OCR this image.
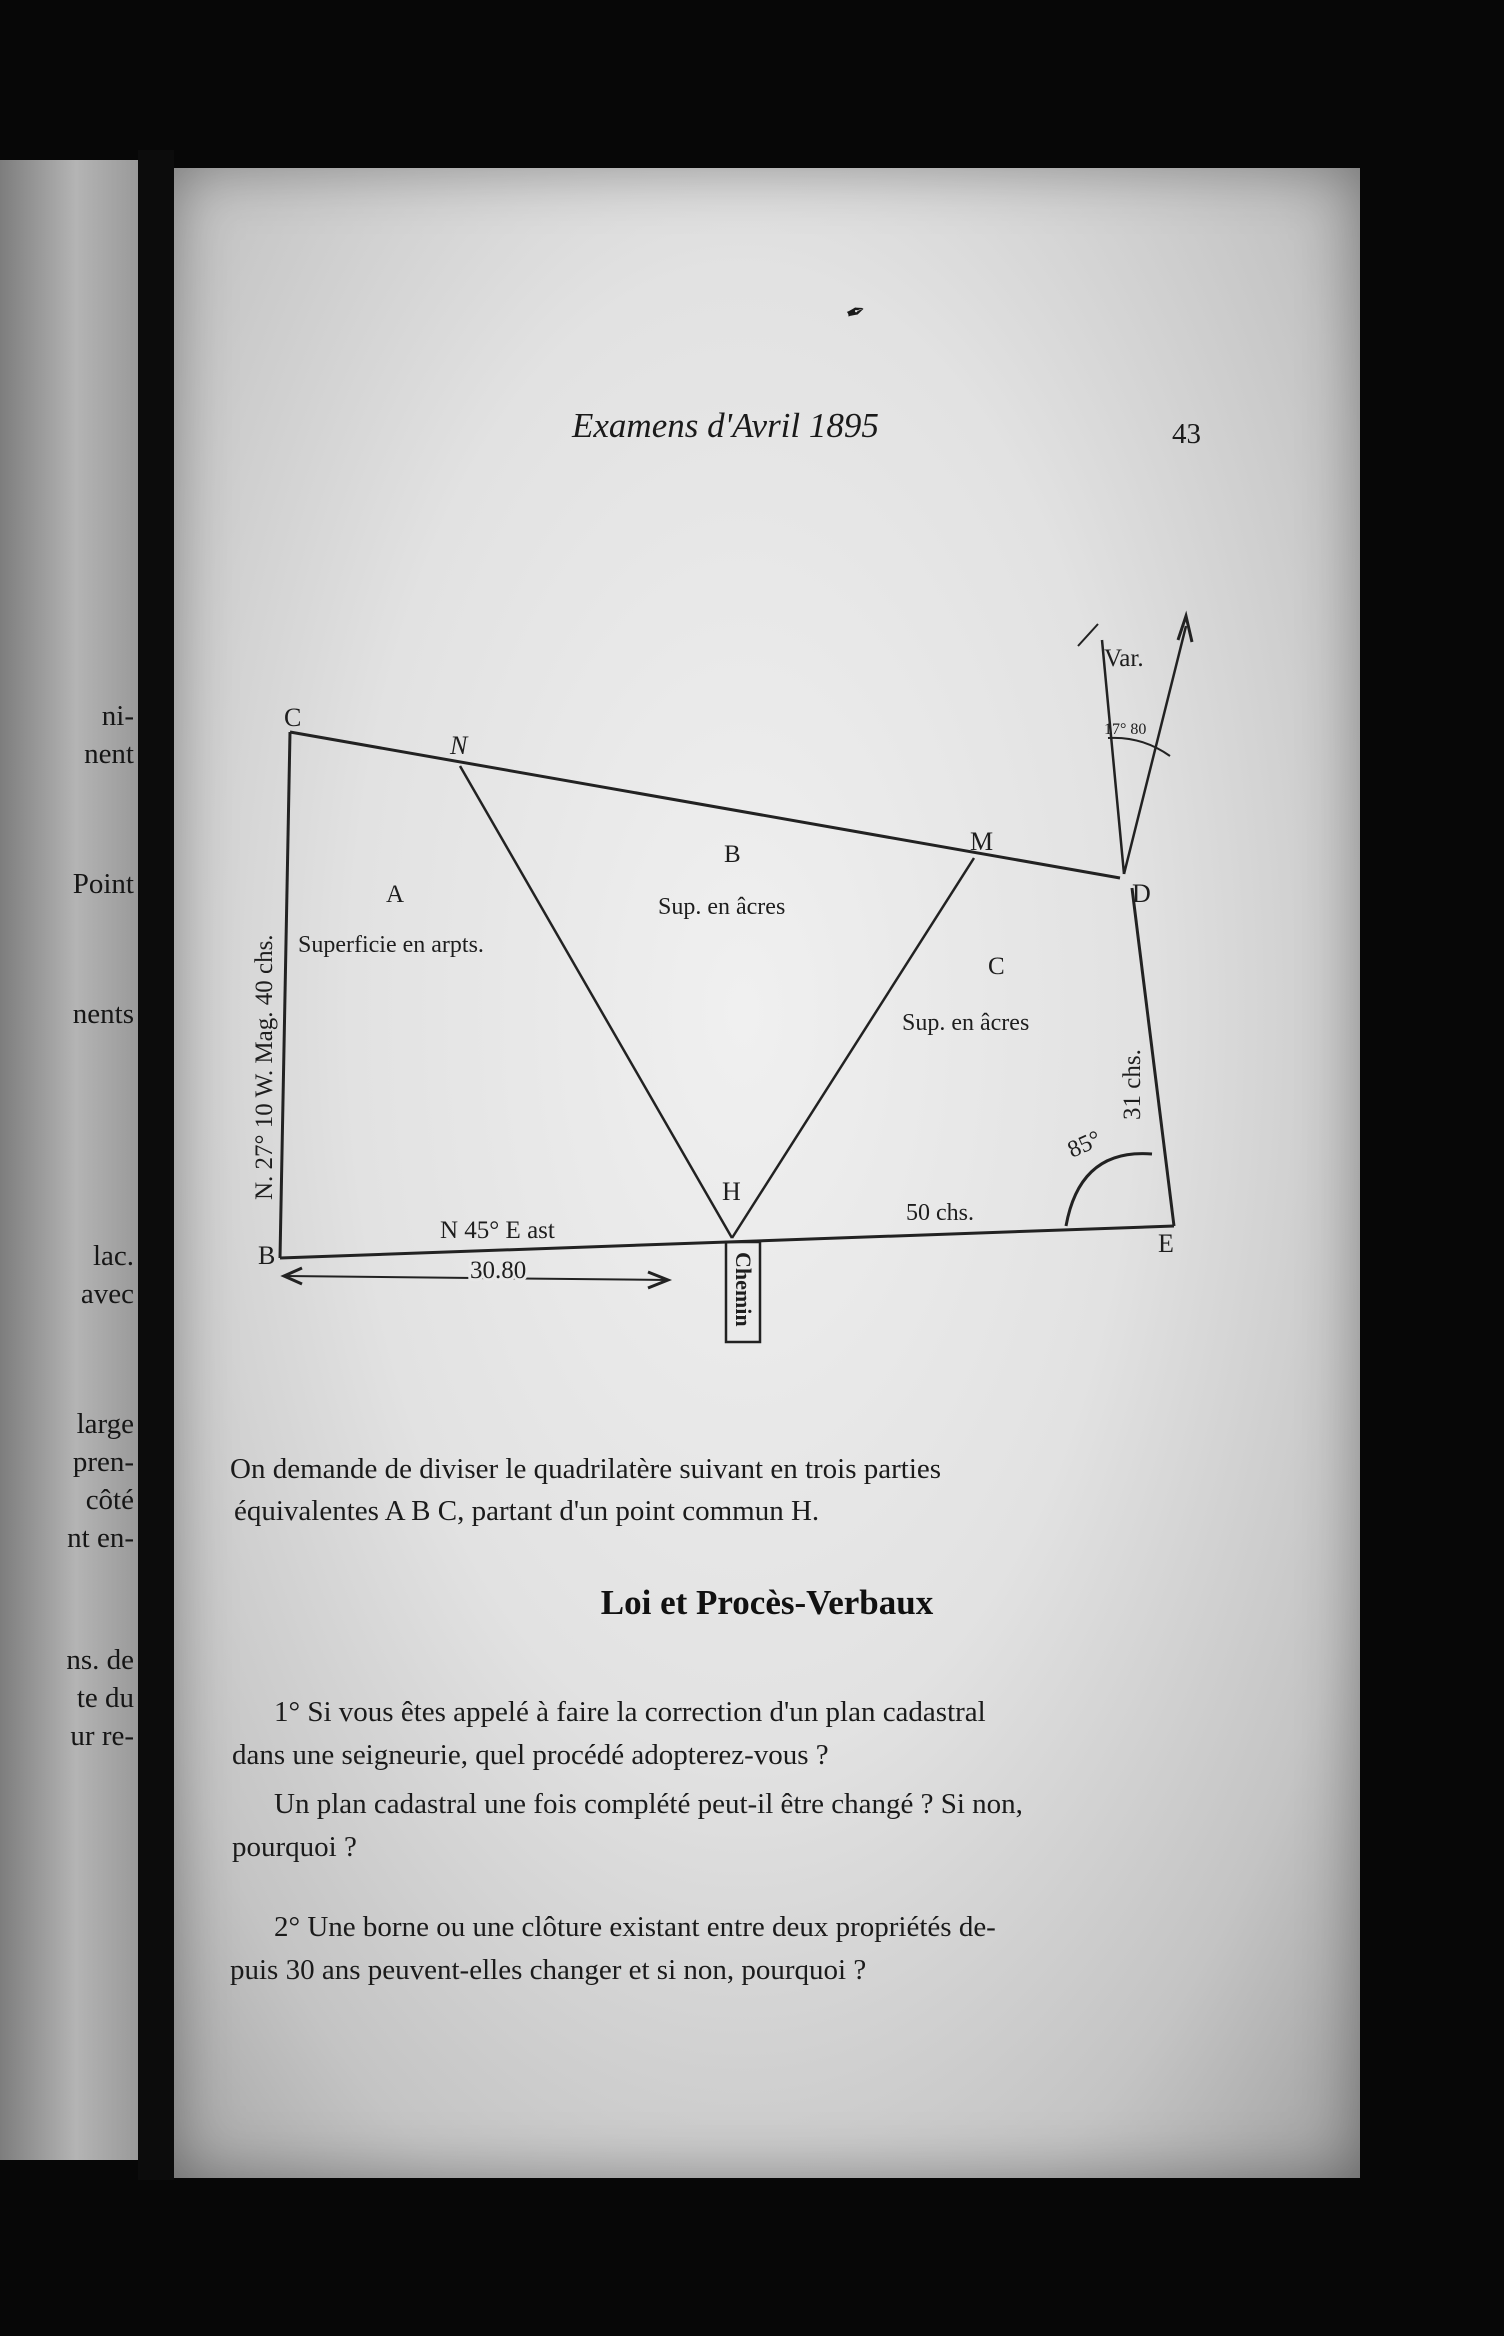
ni-
nent
Point
nents
lac.
avec
large
pren-
côté
nt en-
ns. de
te du
ur re-
✒
Examens d'Avril 1895	43
C
N
M
D
B
H
E
A
Superficie en arpts.
B
Sup. en âcres
C
Sup. en âcres
N. 27° 10 W. Mag. 40 chs.	31 chs.
N 45° E ast
30.80
50 chs.
85°
Var.
17° 80
Chemin
On demande de diviser le quadrilatère suivant en trois parties
équivalentes A B C, partant d'un point commun H.
Loi et Procès-Verbaux
1° Si vous êtes appelé à faire la correction d'un plan cadastral
dans une seigneurie, quel procédé adopterez-vous ?
Un plan cadastral une fois complété peut-il être changé ? Si non,
pourquoi ?
2° Une borne ou une clôture existant entre deux propriétés de-
puis 30 ans peuvent-elles changer et si non, pourquoi ?
